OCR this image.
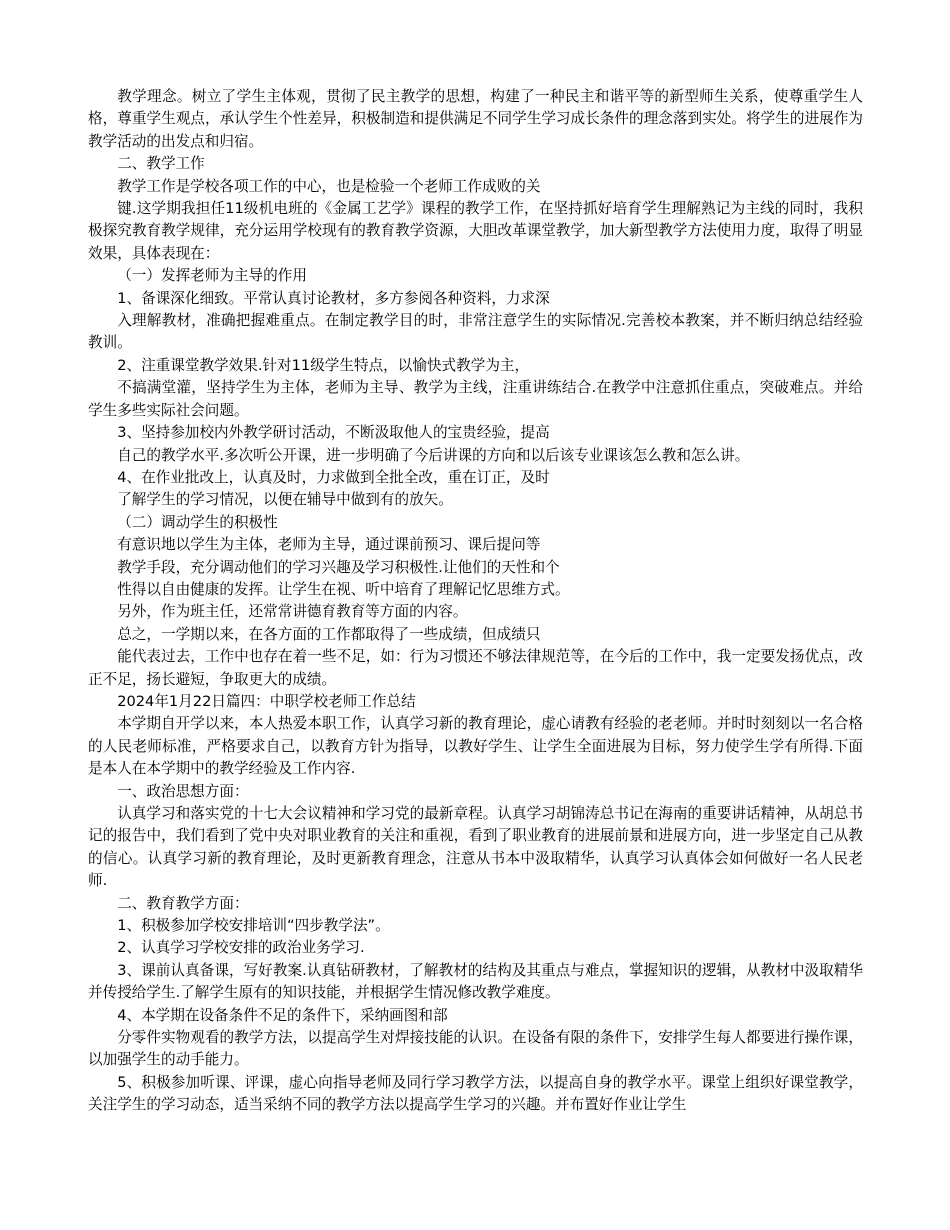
教学理念。树立了学生主体观，贯彻了民主教学的思想，构建了一种民主和谐平等的新型师生关系，使尊重学生人格，尊重学生观点，承认学生个性差异，积极制造和提供满足不同学生学习成长条件的理念落到实处。将学生的进展作为教学活动的出发点和归宿。

二、教学工作

教学工作是学校各项工作的中心，也是检验一个老师工作成败的关

键.这学期我担任11级机电班的《金属工艺学》课程的教学工作，在坚持抓好培育学生理解熟记为主线的同时，我积极探究教育教学规律，充分运用学校现有的教育教学资源，大胆改革课堂教学，加大新型教学方法使用力度，取得了明显效果，具体表现在：

（一）发挥老师为主导的作用

1、备课深化细致。平常认真讨论教材，多方参阅各种资料，力求深

入理解教材，准确把握难重点。在制定教学目的时，非常注意学生的实际情况.完善校本教案，并不断归纳总结经验教训。

2、注重课堂教学效果.针对11级学生特点，以愉快式教学为主，

不搞满堂灌，坚持学生为主体，老师为主导、教学为主线，注重讲练结合.在教学中注意抓住重点，突破难点。并给学生多些实际社会问题。

3、坚持参加校内外教学研讨活动，不断汲取他人的宝贵经验，提高

自己的教学水平.多次听公开课，进一步明确了今后讲课的方向和以后该专业课该怎么教和怎么讲。

4、在作业批改上，认真及时，力求做到全批全改，重在订正，及时

了解学生的学习情况，以便在辅导中做到有的放矢。

（二）调动学生的积极性

有意识地以学生为主体，老师为主导，通过课前预习、课后提问等

教学手段，充分调动他们的学习兴趣及学习积极性.让他们的天性和个

性得以自由健康的发挥。让学生在视、听中培育了理解记忆思维方式。

另外，作为班主任，还常常讲德育教育等方面的内容。

总之，一学期以来，在各方面的工作都取得了一些成绩，但成绩只

能代表过去，工作中也存在着一些不足，如：行为习惯还不够法律规范等，在今后的工作中，我一定要发扬优点，改正不足，扬长避短，争取更大的成绩。

2024年1月22日篇四：中职学校老师工作总结

本学期自开学以来，本人热爱本职工作，认真学习新的教育理论，虚心请教有经验的老老师。并时时刻刻以一名合格的人民老师标准，严格要求自己，以教育方针为指导，以教好学生、让学生全面进展为目标，努力使学生学有所得.下面是本人在本学期中的教学经验及工作内容.

一、政治思想方面：

认真学习和落实党的十七大会议精神和学习党的最新章程。认真学习胡锦涛总书记在海南的重要讲话精神，从胡总书记的报告中，我们看到了党中央对职业教育的关注和重视，看到了职业教育的进展前景和进展方向，进一步坚定自己从教的信心。认真学习新的教育理论，及时更新教育理念，注意从书本中汲取精华，认真学习认真体会如何做好一名人民老师.

二、教育教学方面：

1、积极参加学校安排培训“四步教学法”。

2、认真学习学校安排的政治业务学习.

3、课前认真备课，写好教案.认真钻研教材，了解教材的结构及其重点与难点，掌握知识的逻辑，从教材中汲取精华并传授给学生.了解学生原有的知识技能，并根据学生情况修改教学难度。

4、本学期在设备条件不足的条件下，采纳画图和部

分零件实物观看的教学方法，以提高学生对焊接技能的认识。在设备有限的条件下，安排学生每人都要进行操作课，以加强学生的动手能力。

5、积极参加听课、评课，虚心向指导老师及同行学习教学方法，以提高自身的教学水平。课堂上组织好课堂教学，关注学生的学习动态，适当采纳不同的教学方法以提高学生学习的兴趣。并布置好作业让学生
